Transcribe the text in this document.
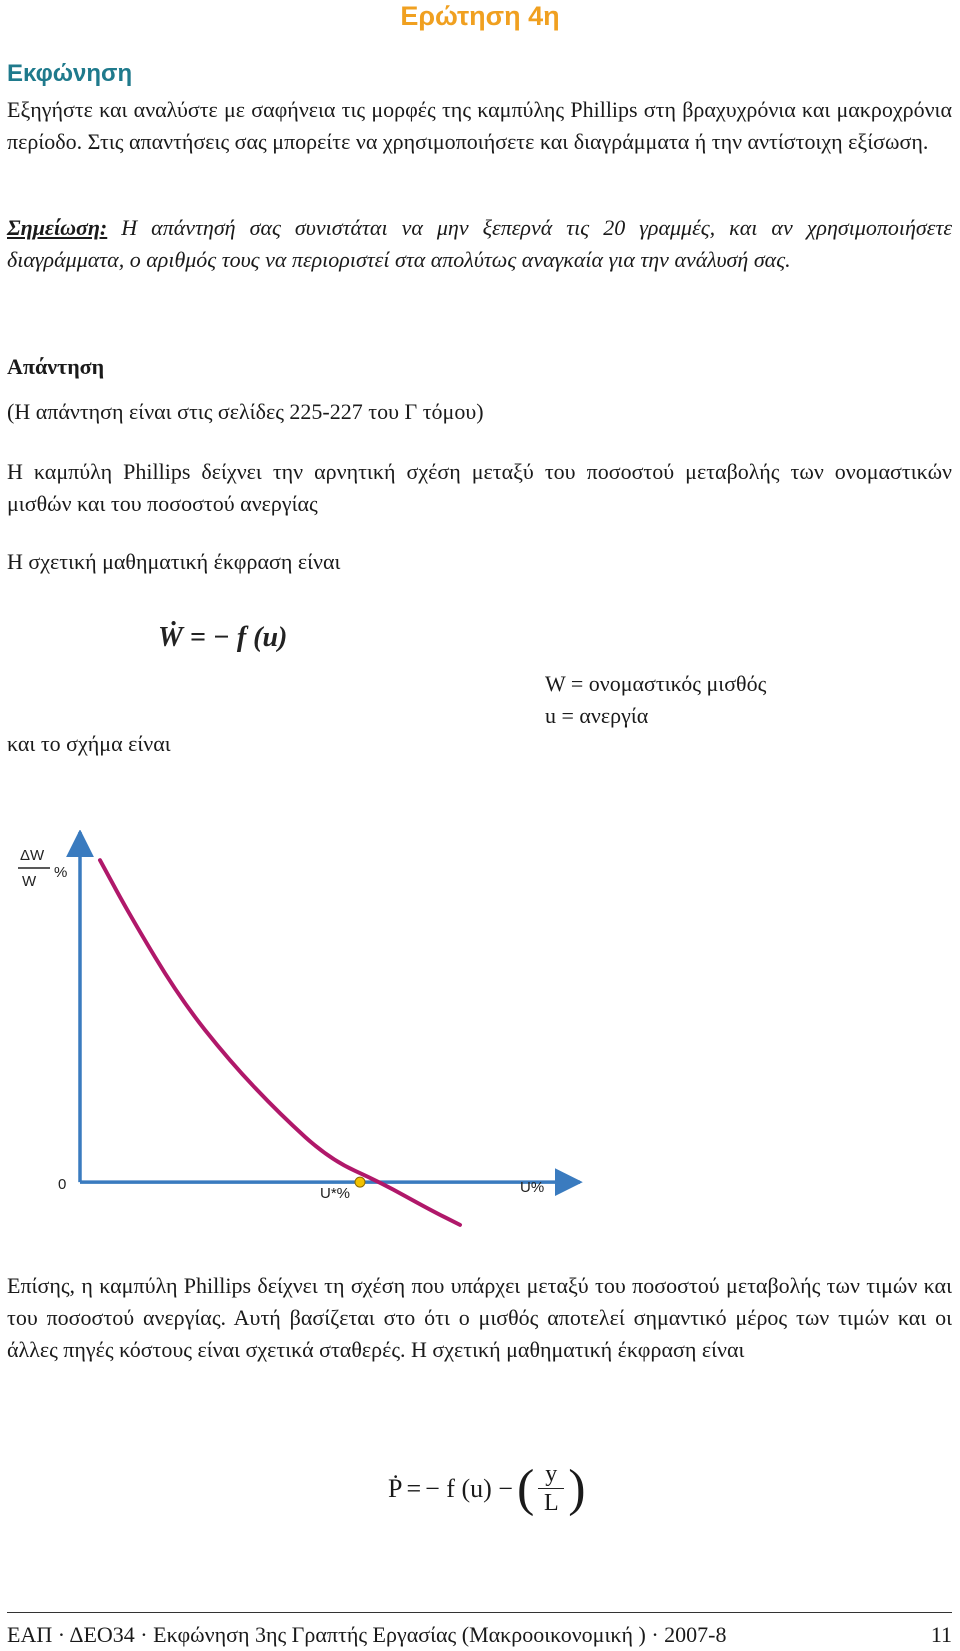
Ερώτηση 4η
Εκφώνηση
Εξηγήστε και αναλύστε με σαφήνεια τις μορφές της καμπύλης Phillips στη βραχυχρόνια και μακροχρόνια περίοδο. Στις απαντήσεις σας μπορείτε να χρησιμοποιήσετε και διαγράμματα ή την αντίστοιχη εξίσωση.
Σημείωση: Η απάντησή σας συνιστάται να μην ξεπερνά τις 20 γραμμές, και αν χρησιμοποιήσετε διαγράμματα, ο αριθμός τους να περιοριστεί στα απολύτως αναγκαία για την ανάλυσή σας.
Απάντηση
(Η απάντηση είναι στις σελίδες 225-227 του Γ τόμου)
Η καμπύλη Phillips δείχνει την αρνητική σχέση μεταξύ του ποσοστού μεταβολής των ονομαστικών μισθών και του ποσοστού ανεργίας
Η σχετική μαθηματική έκφραση είναι
Ẇ = − f (u)
W = ονομαστικός μισθός
u = ανεργία
και το σχήμα είναι
ΔW
W
%
0
U*%	U%
Επίσης, η καμπύλη Phillips δείχνει τη σχέση που υπάρχει μεταξύ του ποσοστού μεταβολής των τιμών και του ποσοστού ανεργίας. Αυτή βασίζεται στο ότι ο μισθός αποτελεί σημαντικό μέρος των τιμών και οι άλλες πηγές κόστους είναι σχετικά σταθερές. Η σχετική μαθηματική έκφραση είναι
Ṗ = − f (u) − ( y
L )
ΕΑΠ · ΔΕΟ34 · Εκφώνηση 3ης Γραπτής Εργασίας (Μακροοικονομική ) · 2007-8	11
